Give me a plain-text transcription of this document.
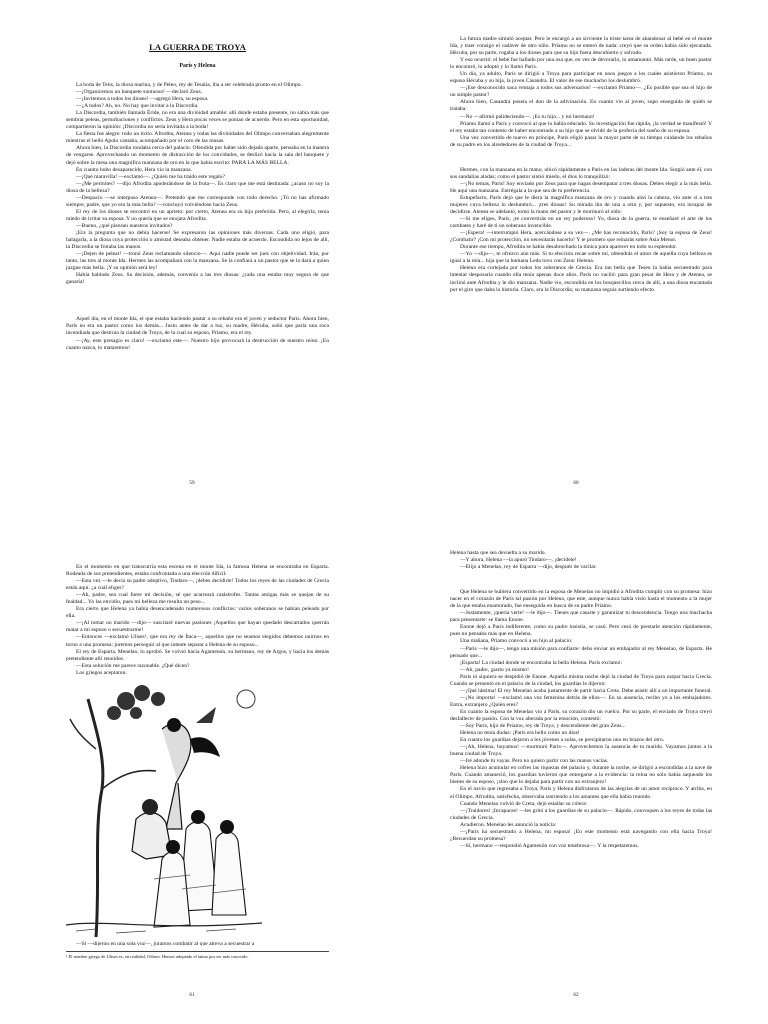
LA GUERRA DE TROYA
París y Helena

La boda de Tetis, la diosa marina, y de Peleo, rey de Tesalia, iba a ser celebrada pronto en el Olimpo.

—¡Organicemos un banquete suntuoso! —declaró Zeus.

—¡Invitemos a todos los dioses! —agregó Hera, su esposa.

—¿A todos? Ah, no. No hay que invitar a la Discordia.

La Discordia, también llamada Éride, no era una divinidad amable: allí donde estaba presente, no sabía más que sembrar peleas, perturbaciones y conflictos. Zeus y Hera pocas veces se ponían de acuerdo. Pero en esta oportunidad, compartieron la opinión: ¡Discordia no sería invitada a la boda!

La fiesta fue alegre: todo un éxito. Afrodita, Atenea y todas las divinidades del Olimpo conversaban alegremente mientras el bello Apolo cantaba, acompañado por el coro de las musas.

Ahora bien, la Discordia rondaba cerca del palacio. Ofendida por haber sido dejada aparte, pensaba en la manera de vengarse. Aprovechando un momento de distracción de los convidados, se deslizó hacia la sala del banquete y dejó sobre la mesa una magnífica manzana de oro en la que había escrito: PARA LA MÁS BELLA.

En cuanto hubo desaparecido, Hera vio la manzana.

—¡Qué maravilla! —exclamó—. ¿Quién me ha traído este regalo?

—¿Me permites? —dijo Afrodita apoderándose de la fruta—. Es claro que me está destinada: ¿acaso no soy la diosa de la belleza?

—Despacio —se interpuso Atenea—. Pretendo que me corresponde con todo derecho. ¡Tú no has afirmado siempre, padre, que yo era la más bella? —concluyó volviéndose hacia Zeus.

El rey de los dioses se encontró en un aprieto: por cierto, Atenea era su hija preferida. Pero, al elegirla, tenía miedo de irritar su esposa. Y no quería que se enojara Afrodita.

—Bueno, ¿qué piensan nuestros invitados?

¡Era la pregunta que no debía hacerse! Se expresaron las opiniones más diversas. Cada uno eligió, para halagarla, a la diosa cuya protección o amistad deseaba obtener. Nadie estaba de acuerdo. Escondida no lejos de allí, la Discordia se frotaba las manos.

—¡Dejen de pelear! —tronó Zeus reclamando silencio—. Aquí nadie puede ser juez con objetividad. Irán, por tanto, las tres al monte Ida. Hermes las acompañará con la manzana. Se la confiará a un pastor que se la dará a quien juzgue más bella. ¡Y su opinión será ley!

Había hablado Zeus. Su decisión, además, convenía a las tres diosas: ¿cada una estaba muy segura de que ganaría!

Aquel día, en el monte Ida, el que estaba haciendo pastar a su rebaño era el joven y seductor París. Ahora bien, París no era un pastor como los demás... Justo antes de dar a luz, su madre, Hécuba, soñó que paría una roca incendiada que destruía la ciudad de Troya, de la cual su esposo, Príamo, era el rey.

—¡Ay, este presagio es claro! —exclamó este—. Nuestro hijo provocará la destrucción de nuestro reino. ¡En cuanto nazca, lo mataremos!

59

La futura madre simuló aceptar. Pero le encargó a un sirviente la triste tarea de abandonar al bebé en el monte Ida, y traer consigo el cadáver de otro niño. Príamo no se enteró de nada: creyó que su orden había sido ejecutada. Hécuba, por su parte, rogaba a los dioses para que su hijo fuera descubierto y salvado.

Y eso ocurrió: el bebé fue hallado por una osa que, en vez de devorarlo, lo amamantó. Más tarde, un buen pastor lo encontró, lo adoptó y lo llamó París.

Un día, ya adulto, París se dirigió a Troya para participar en unos juegos a los cuales asistieron Príamo, su esposa Hécuba y su hija, la joven Casandra. El valor de ese muchacho los deslumbró.

—¡Ese desconocido saca ventaja a todos sus adversarios! —exclamó Príamo—. ¿Es posible que sea el hijo de un simple pastor?

Ahora bien, Casandra poseía el don de la adivinación. En cuanto vio al joven, supo enseguida de quién se trataba:

—No —afirmó palideciendo—. ¡Es tu hijo... y mi hermano!

Príamo llamó a París y convocó al que lo había educado. Su investigación fue rápida, ¡la verdad se manifestó! Y el rey estaba tan contento de haber encontrado a su hijo que se olvidó de la profecía del sueño de su esposa.

Una vez convertido de nuevo en príncipe, París eligió pasar la mayor parte de su tiempo cuidando los rebaños de su padre en los alrededores de la ciudad de Troya...

Hermes, con la manzana en la mano, ubicó rápidamente a París en las laderas del monte Ida. Surgió ante él, con sus sandalias aladas; como el pastor sintió miedo, el dios lo tranquilizó:

—¡No temas, París! Soy enviado por Zeus para que hagas desempatar a tres diosas. Debes elegir a la más bella. He aquí una manzana. Entrégala a la que sea de tu preferencia.

Estupefacto, París dejó que le diera la magnífica manzana de oro y cuando alzó la cabeza, vio ante sí a tres mujeres cuya belleza lo deslumbró... ¡tres diosas! Su mirada iba de una a otra y, por supuesto, era incapaz de decidirse. Atenea se adelantó, tomó la mano del pastor y le murmuró al oído:

—Si me eliges, París, ¡te convertirás en un rey poderoso! Yo, diosa de la guerra, te enseñaré el arte de los combates y haré de ti un soberano invencible.

—¡Espera! —interrumpió Hera, acercándose a su vez—. ¿Me has reconocido, París? ¡Soy la esposa de Zeus! ¿Combatir? ¡Con mi protección, no necesitarás hacerlo! Y te prometo que reinarás sobre Asia Menor.

Durante ese tiempo, Afrodita se había desabrochado la túnica para aparecer en todo su esplendor.

—Yo —dijo—, te ofrezco aún más. Si tu elección recae sobre mí, obtendrás el amor de aquella cuya belleza es igual a la mía... hija que la humana Leda tuvo con Zeus: Helena.

Helena era cortejada por todos los soberanos de Grecia. Era tan bella que Teseo la había secuestrado para intentar desposarla cuando ella tenía apenas doce años. París no vaciló: para gran pesar de Hera y de Atenea, se inclinó ante Afrodita y le dio manzana. Nadie vio, escondida en los bosquecillos cerca de allí, a una diosa encantada por el giro que daba la historia. Claro, era la Discordia; su manzana seguía surtiendo efecto.

60

En el momento en que transcurría esta escena en el monte Ida, la famosa Helena se encontraba en Esparta. Rodeada de sus pretendientes, estaba confrontada a una elección difícil:

—Esta vez —le decía su padre adoptivo, Tindaro—, ¡debes decidirte! Todos los reyes de las ciudades de Grecia están aquí. ¿a cuál eliges?

—Ah, padre, sea cual fuere mi decisión, sé que acarreará catástrofes. Tantas amigas más se quejan de su fealdad... Yo las envidio, pues mi belleza me resulta un peso...

Era cierto que Helena ya había desencadenado numerosos conflictos: varios soberanos se habían peleado por ella.

—¡Al tomar un marido —dijo— suscitaré nuevas pasiones ¡Aquellos que hayan quedado descartados querrán matar a mi esposo o secuestrarme!

—Entonces —exclamó Ulises¹, que era rey de Ítaca—, aquellos que no seamos elegidos debemos unirnos en torno a una promesa: juremos perseguir al que intente separar a Helena de su esposo...

El rey de Esparta, Menelao, lo aprobó. Se volvió hacia Agamenón, su hermano, rey de Argos, y hacia los demás pretendiente allí reunidos.

—Esta solución me parece razonable. ¿Qué dicen?

Los griegos aceptaron.

—Sí —dijeron en una sola voz—, juramos combatir al que atreva a secuestrar a

¹ El nombre griego de Ulises es, en realidad, Odiseo. Hemos adoptado el latino por ser más conocido.
61

Helena hasta que sea devuelta a su marido.

—Y ahora, Helena —la apuró Tindaro—, ¡decídete!

—Elijo a Menelao, rey de Esparta —dijo, después de vacilar.

Que Helena se hubiera convertido en la esposa de Menelao no impidió a Afrodita cumplir con su promesa: hizo nacer en el corazón de París tal pasión por Helena, que este, aunque nunca había visto hasta el momento a la mujer de la que estaba enamorado, fue enseguida en busca de su padre Príamo.

—Justamente, ¡quería verte! —le dijo—. Tienes que casarte y garantizar tu descendencia. Tengo una muchacha para presentarte: se llama Enone.

Enone dejó a París indiferente; como su padre insistía, se casó. Pero cesó de prestarle atención rápidamente, pues no pensaba más que en Helena.

Una mañana, Príamo convocó a su hijo al palacio:

—París —le dijo—, tengo una misión para confiarte: debo enviar un embajador al rey Menelao, de Esparta. He pensado que...

¡Esparta! La ciudad donde se encontraba la bella Helena. París exclamó:

—Ah, padre, ¡parto ya mismo!

París ni siquiera se despidió de Enone. Aquella misma noche dejó la ciudad de Troya para zarpar hacia Grecia. Cuando se presentó en el palacio de la ciudad, los guardias le dijeron:

—¡Qué lástima! El rey Menelao acaba justamente de partir hacia Creta. Debe asistir allí a un importante funeral.

—¡No importa! —exclamó una voz femenina detrás de ellos—. En su ausencia, recibo yo a los embajadores. Entra, extranjero ¿Quién eres?

En cuanto la esposa de Menelao vio a París, su corazón dio un vuelco. Por su parte, el enviado de Troya creyó desfallecer de pasión. Con la voz alterada por la emoción, contestó:

—Soy París, hijo de Príamo, rey de Troya, y descendiente del gran Zeus...

Helena no tenía dudas: ¡París era bello como un dios!

En cuanto los guardias dejaron a los jóvenes a solas, se precipitaron uno en brazos del otro.

—¡Ah, Helena, huyamos! —murmuró París—. Aprovechemos la ausencia de tu marido. Vayamos juntos a la buena ciudad de Troya.

—Iré adonde tú vayas. Pero no quiero partir con las manos vacías.

Helena hizo acumular en cofres las riquezas del palacio y, durante la noche, se dirigió a escondidas a la nave de París. Cuando amaneció, los guardias tuvieron que entregarse a la evidencia: la reina no sólo había saqueado los bienes de su esposo, ¡sino que lo dejaba para partir con un extranjero!

En el navío que regresaba a Troya, París y Helena disfrutaron de las alegrías de un amor recíproco. Y arriba, en el Olimpo, Afrodita, satisfecha, observaba sonriendo a los amantes que ella había reunido.

Cuando Menelao volvió de Creta, dejó estallar su cólera:

—¡Traidores! ¡Incapaces! —les gritó a los guardias de su palacio—. Rápido, convoquen a los reyes de todas las ciudades de Grecia.

Acudieron. Menelao les anunció la noticia:

—¡París ha secuestrado a Helena, mi esposa! ¡En este momento está navegando con ella hacia Troya! ¿Recuerdan su promesa?

—Sí, hermano —respondió Agamenón con voz tenebrosa—. Y la respetaremos.

62
